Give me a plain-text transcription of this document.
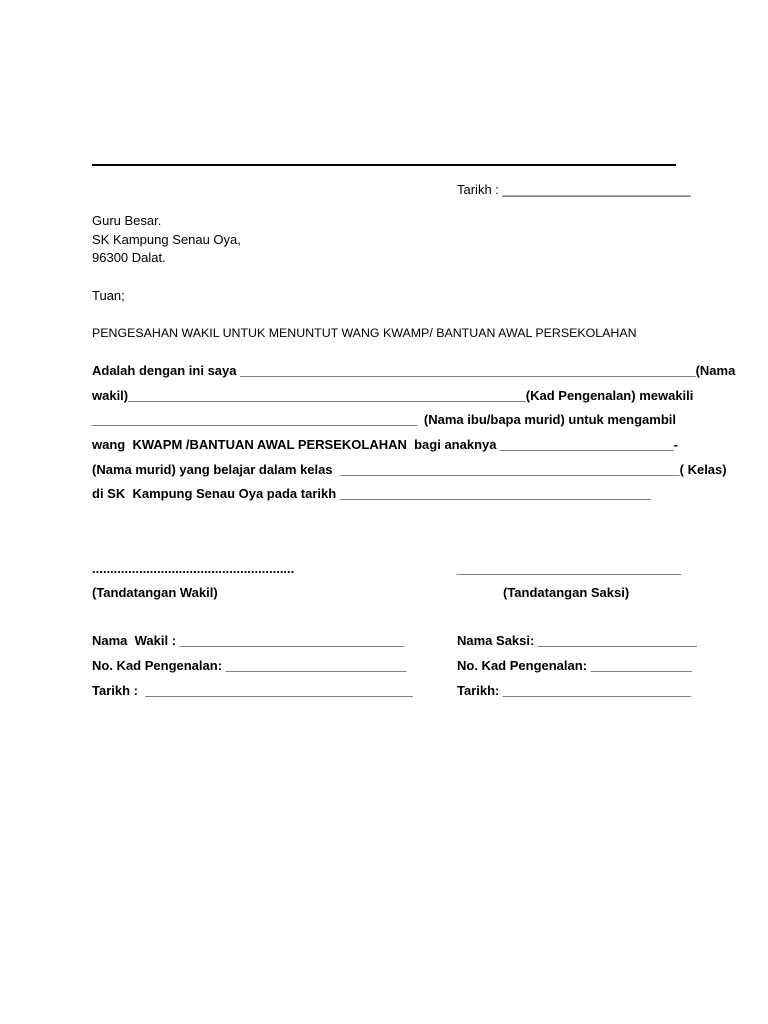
Tarikh : __________________________
Guru Besar.
SK Kampung Senau Oya,
96300 Dalat.
Tuan;
PENGESAHAN WAKIL UNTUK MENUNTUT WANG KWAMP/ BANTUAN AWAL PERSEKOLAHAN
Adalah dengan ini saya _______________________________________________________________ (Nama
wakil)_______________________________________________________ (Kad Pengenalan) mewakili
_____________________________________________ (Nama ibu/bapa murid) untuk mengambil
wang  KWAPM /BANTUAN AWAL PERSEKOLAHAN  bagi anaknya ________________________ -
(Nama murid) yang belajar dalam kelas  _______________________________________________ ( Kelas)
di SK  Kampung Senau Oya pada tarikh ___________________________________________
........................................................	_______________________________
(Tandatangan Wakil)	(Tandatangan Saksi)
Nama  Wakil : _______________________________	Nama Saksi: ______________________
No. Kad Pengenalan: _________________________	No. Kad Pengenalan: ______________
Tarikh :  _____________________________________	Tarikh: __________________________
